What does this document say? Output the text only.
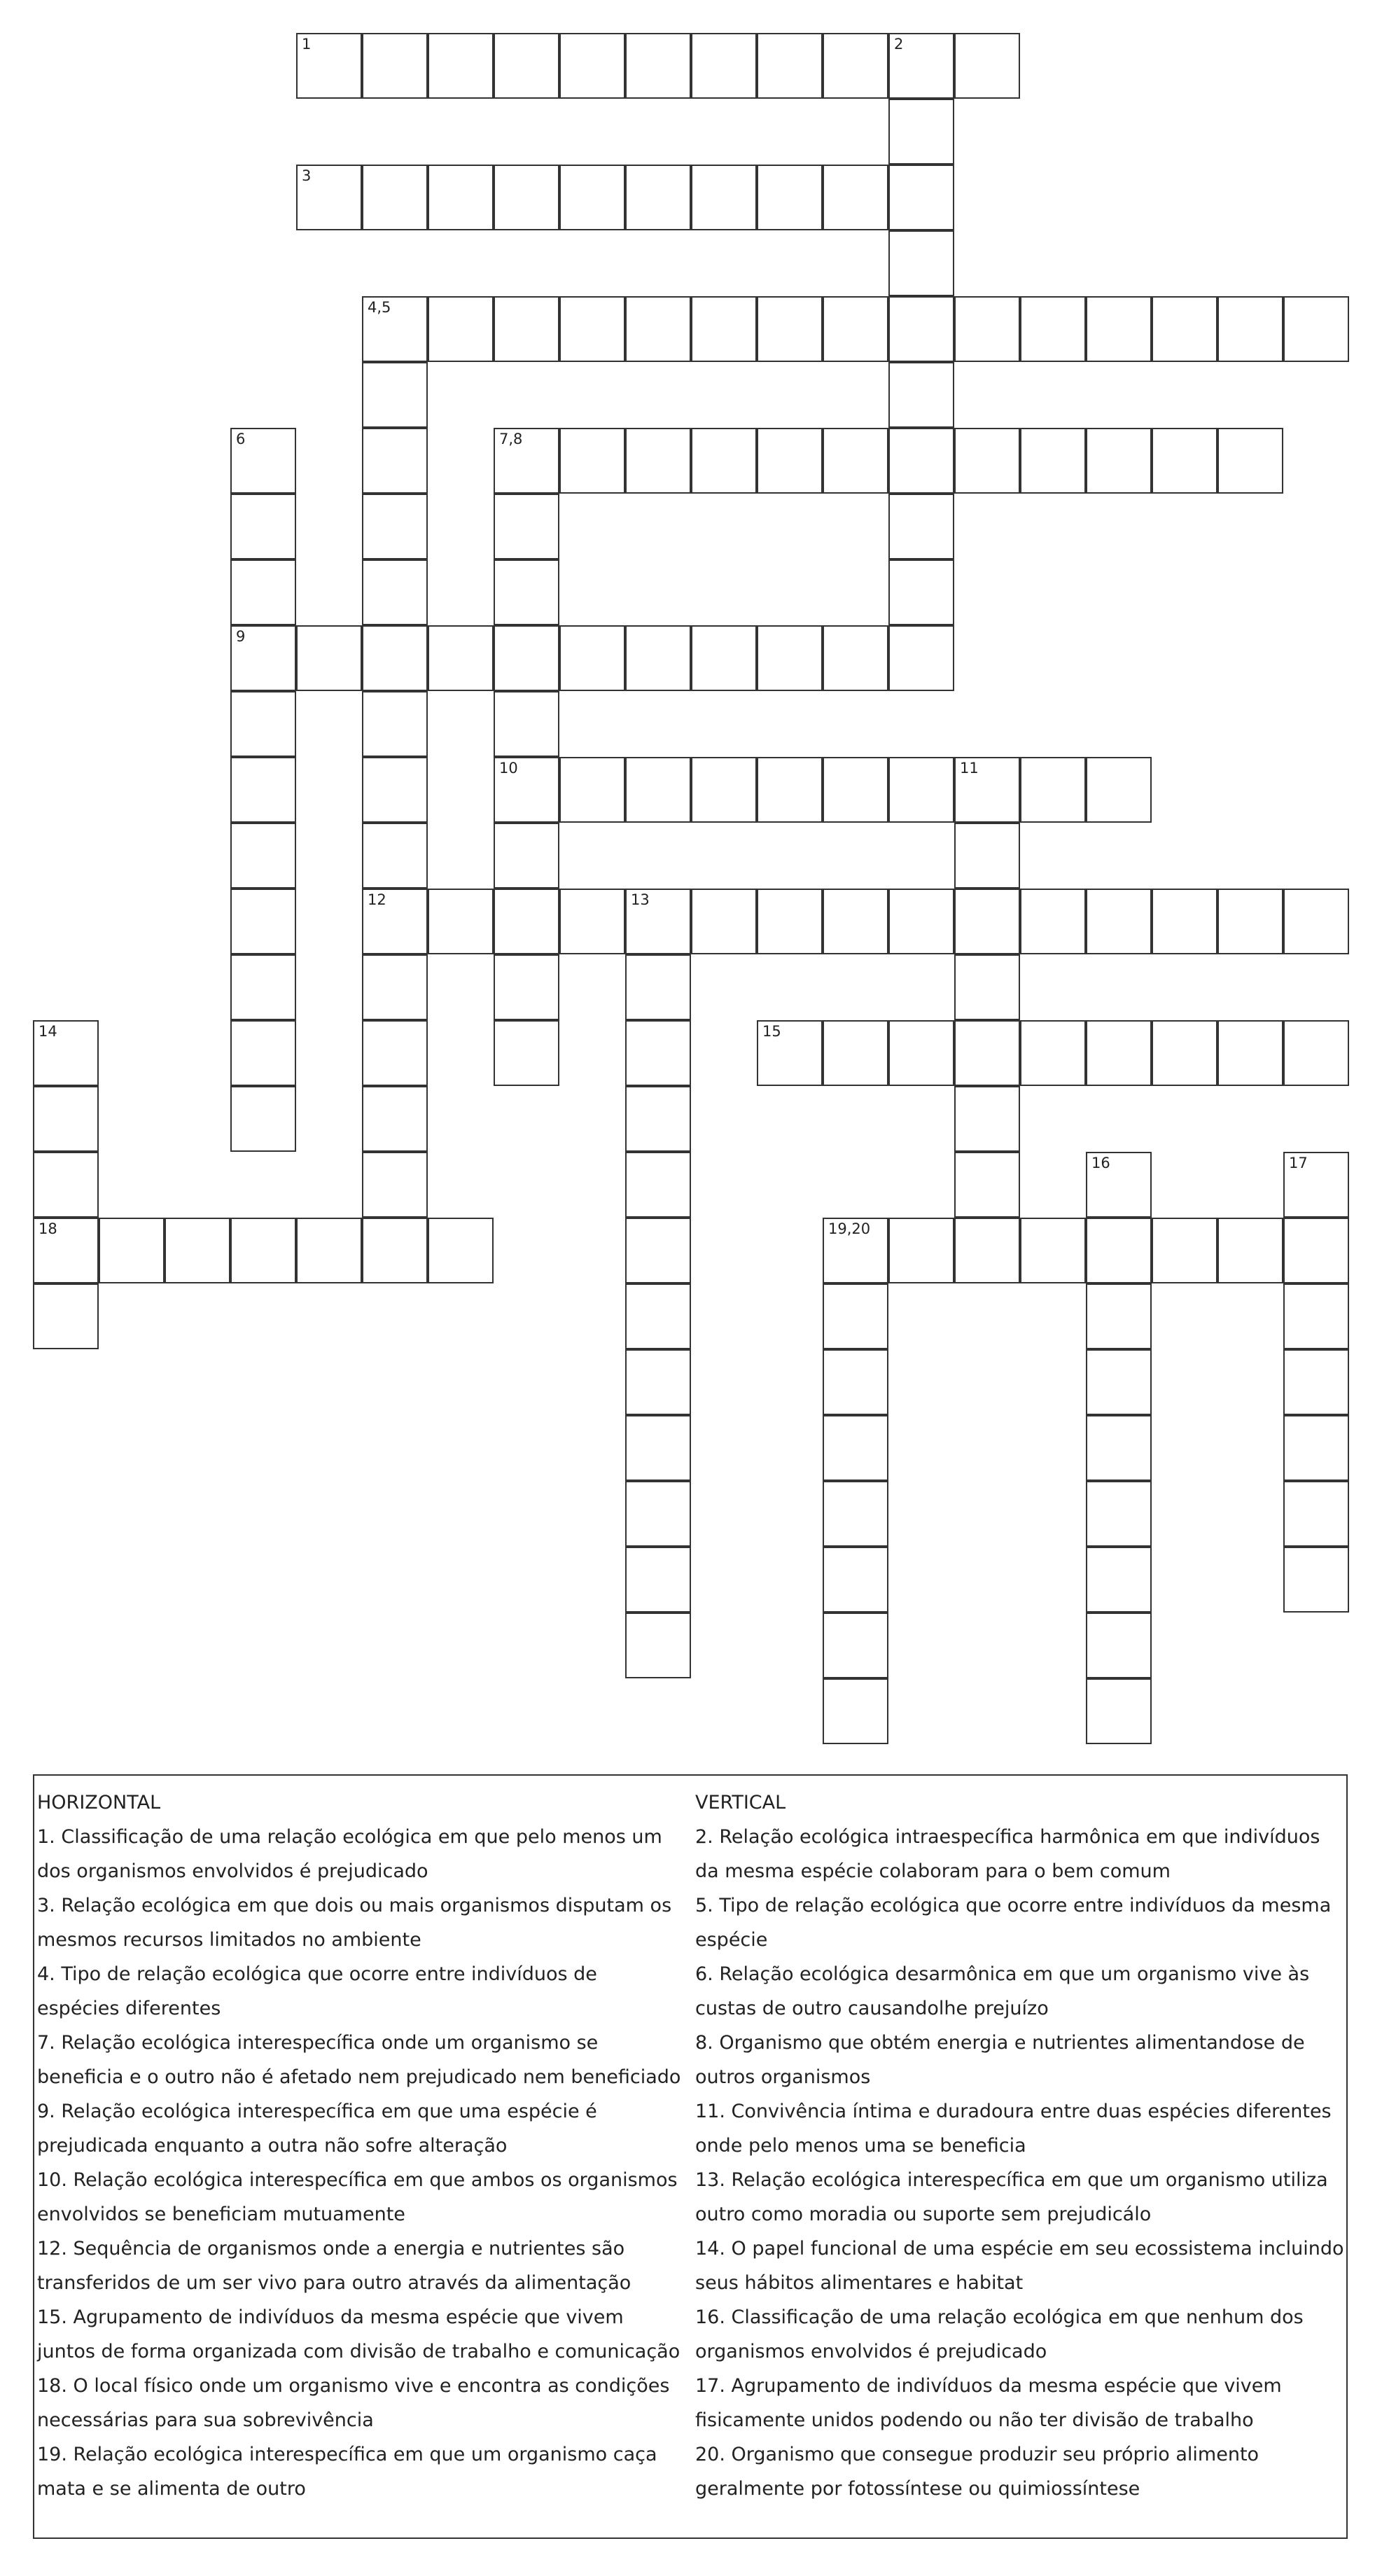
1	2
3
4,5
6	7,8
9
10	11
12	13
14	15
16	17
18	19,20
HORIZONTAL
1. Classificação de uma relação ecológica em que pelo menos um dos organismos envolvidos é prejudicado
3. Relação ecológica em que dois ou mais organismos disputam os mesmos recursos limitados no ambiente
4. Tipo de relação ecológica que ocorre entre indivíduos de espécies diferentes
7. Relação ecológica interespecífica onde um organismo se beneficia e o outro não é afetado nem prejudicado nem beneficiado
9. Relação ecológica interespecífica em que uma espécie é prejudicada enquanto a outra não sofre alteração
10. Relação ecológica interespecífica em que ambos os organismos envolvidos se beneficiam mutuamente
12. Sequência de organismos onde a energia e nutrientes são transferidos de um ser vivo para outro através da alimentação
15. Agrupamento de indivíduos da mesma espécie que vivem juntos de forma organizada com divisão de trabalho e comunicação
18. O local físico onde um organismo vive e encontra as condições necessárias para sua sobrevivência
19. Relação ecológica interespecífica em que um organismo caça mata e se alimenta de outro
VERTICAL
2. Relação ecológica intraespecífica harmônica em que indivíduos da mesma espécie colaboram para o bem comum
5. Tipo de relação ecológica que ocorre entre indivíduos da mesma espécie
6. Relação ecológica desarmônica em que um organismo vive às custas de outro causandolhe prejuízo
8. Organismo que obtém energia e nutrientes alimentandose de outros organismos
11. Convivência íntima e duradoura entre duas espécies diferentes onde pelo menos uma se beneficia
13. Relação ecológica interespecífica em que um organismo utiliza outro como moradia ou suporte sem prejudicálo
14. O papel funcional de uma espécie em seu ecossistema incluindo seus hábitos alimentares e habitat
16. Classificação de uma relação ecológica em que nenhum dos organismos envolvidos é prejudicado
17. Agrupamento de indivíduos da mesma espécie que vivem fisicamente unidos podendo ou não ter divisão de trabalho
20. Organismo que consegue produzir seu próprio alimento geralmente por fotossíntese ou quimiossíntese
